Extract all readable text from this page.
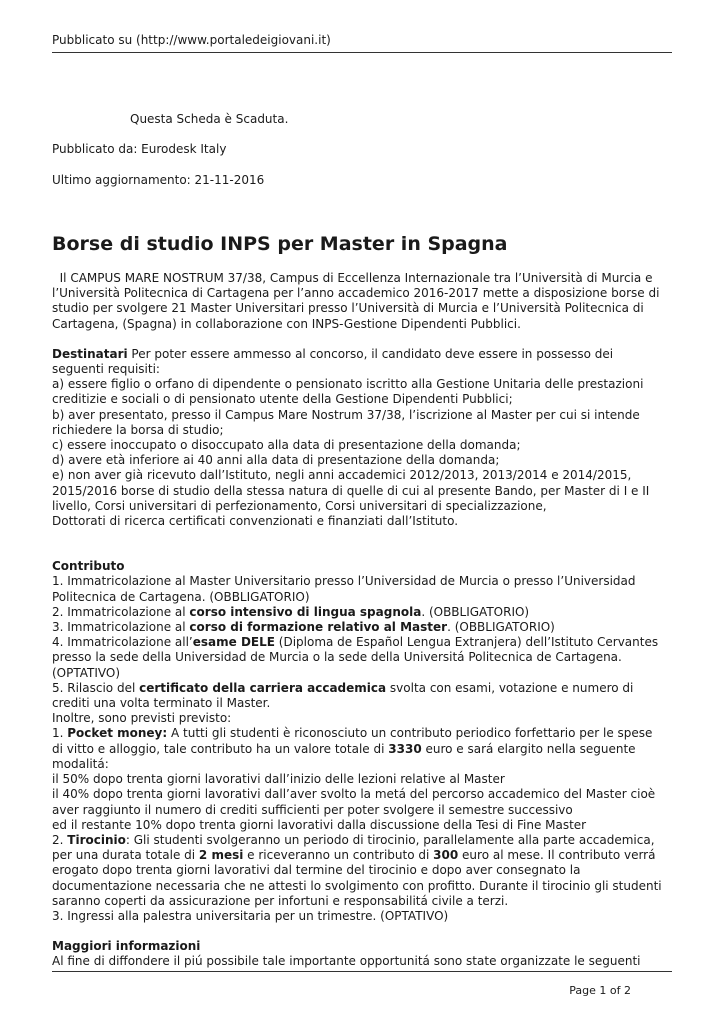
Pubblicato su (http://www.portaledeigiovani.it)
Questa Scheda è Scaduta.
Pubblicato da: Eurodesk Italy
Ultimo aggiornamento: 21-11-2016
Borse di studio INPS per Master in Spagna

Il CAMPUS MARE NOSTRUM 37/38, Campus di Eccellenza Internazionale tra l’Università di Murcia e

l’Università Politecnica di Cartagena per l’anno accademico 2016-2017 mette a disposizione borse di

studio per svolgere 21 Master Universitari presso l’Università di Murcia e l’Università Politecnica di

Cartagena, (Spagna) in collaborazione con INPS-Gestione Dipendenti Pubblici.

Destinatari Per poter essere ammesso al concorso, il candidato deve essere in possesso dei

seguenti requisiti:

a) essere figlio o orfano di dipendente o pensionato iscritto alla Gestione Unitaria delle prestazioni

creditizie e sociali o di pensionato utente della Gestione Dipendenti Pubblici;

b) aver presentato, presso il Campus Mare Nostrum 37/38, l’iscrizione al Master per cui si intende

richiedere la borsa di studio;

c) essere inoccupato o disoccupato alla data di presentazione della domanda;

d) avere età inferiore ai 40 anni alla data di presentazione della domanda;

e) non aver già ricevuto dall’Istituto, negli anni accademici 2012/2013, 2013/2014 e 2014/2015,

2015/2016 borse di studio della stessa natura di quelle di cui al presente Bando, per Master di I e II

livello, Corsi universitari di perfezionamento, Corsi universitari di specializzazione,

Dottorati di ricerca certificati convenzionati e finanziati dall’Istituto.

Contributo

1. Immatricolazione al Master Universitario presso l’Universidad de Murcia o presso l’Universidad

Politecnica de Cartagena. (OBBLIGATORIO)

2. Immatricolazione al corso intensivo di lingua spagnola. (OBBLIGATORIO)

3. Immatricolazione al corso di formazione relativo al Master. (OBBLIGATORIO)

4. Immatricolazione all’esame DELE (Diploma de Español Lengua Extranjera) dell’Istituto Cervantes

presso la sede della Universidad de Murcia o la sede della Universitá Politecnica de Cartagena.

(OPTATIVO)

5. Rilascio del certificato della carriera accademica svolta con esami, votazione e numero di

crediti una volta terminato il Master.

Inoltre, sono previsti previsto:

1. Pocket money: A tutti gli studenti è riconosciuto un contributo periodico forfettario per le spese

di vitto e alloggio, tale contributo ha un valore totale di 3330 euro e sará elargito nella seguente

modalitá:

il 50% dopo trenta giorni lavorativi dall’inizio delle lezioni relative al Master

il 40% dopo trenta giorni lavorativi dall’aver svolto la metá del percorso accademico del Master cioè

aver raggiunto il numero di crediti sufficienti per poter svolgere il semestre successivo

ed il restante 10% dopo trenta giorni lavorativi dalla discussione della Tesi di Fine Master

2. Tirocinio: Gli studenti svolgeranno un periodo di tirocinio, parallelamente alla parte accademica,

per una durata totale di 2 mesi e riceveranno un contributo di 300 euro al mese. Il contributo verrá

erogato dopo trenta giorni lavorativi dal termine del tirocinio e dopo aver consegnato la

documentazione necessaria che ne attesti lo svolgimento con profitto. Durante il tirocinio gli studenti

saranno coperti da assicurazione per infortuni e responsabilitá civile a terzi.

3. Ingressi alla palestra universitaria per un trimestre. (OPTATIVO)

Maggiori informazioni

Al fine di diffondere il piú possibile tale importante opportunitá sono state organizzate le seguenti

Page 1 of 2
